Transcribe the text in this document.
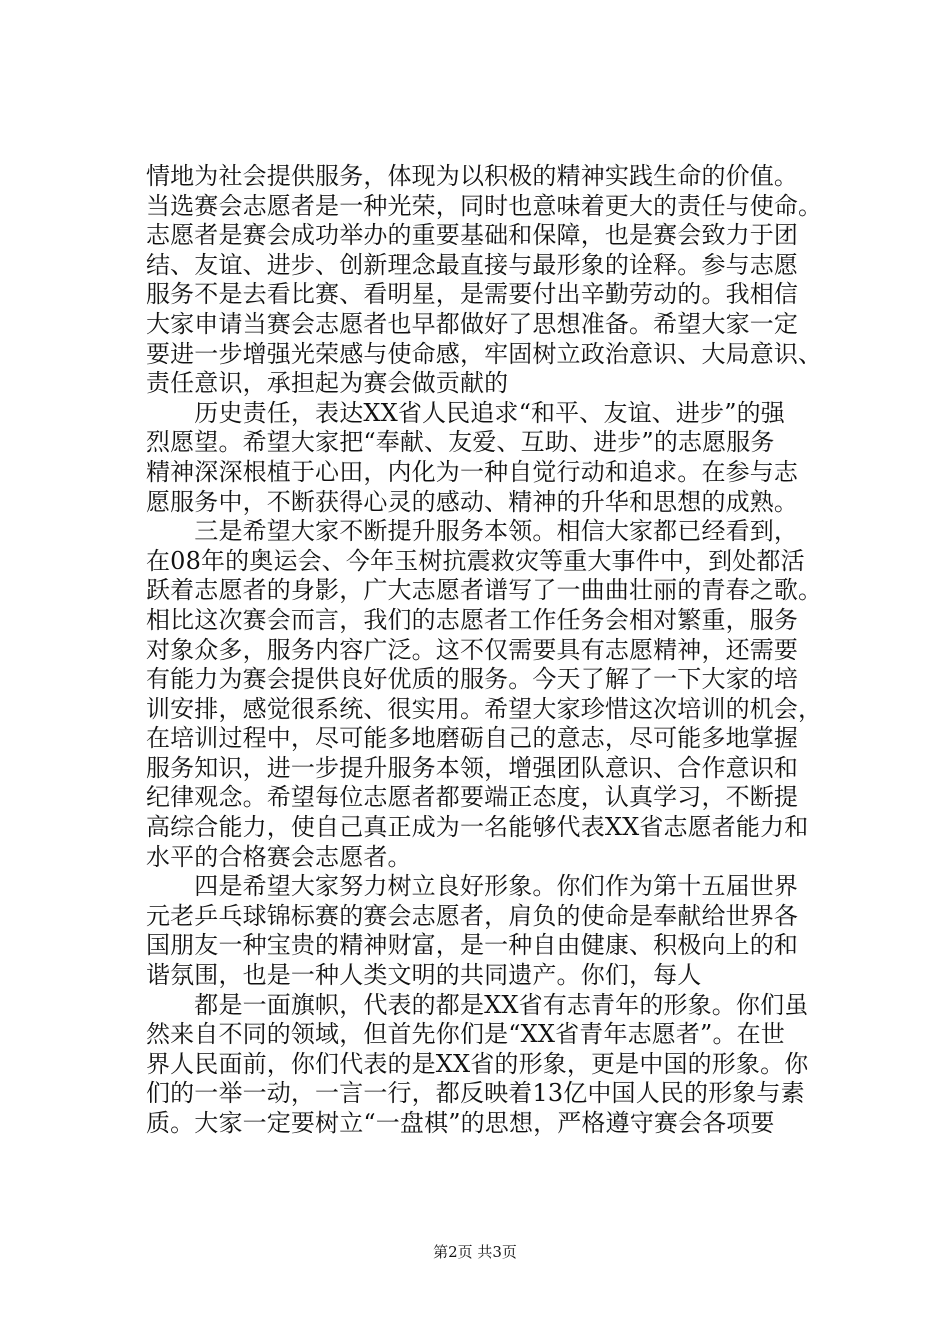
情地为社会提供服务，体现为以积极的精神实践生命的价值。
当选赛会志愿者是一种光荣，同时也意味着更大的责任与使命。
志愿者是赛会成功举办的重要基础和保障，也是赛会致力于团
结、友谊、进步、创新理念最直接与最形象的诠释。参与志愿
服务不是去看比赛、看明星，是需要付出辛勤劳动的。我相信
大家申请当赛会志愿者也早都做好了思想准备。希望大家一定
要进一步增强光荣感与使命感，牢固树立政治意识、大局意识、
责任意识，承担起为赛会做贡献的
　　历史责任，表达XX省人民追求“和平、友谊、进步”的强
烈愿望。希望大家把“奉献、友爱、互助、进步”的志愿服务
精神深深根植于心田，内化为一种自觉行动和追求。在参与志
愿服务中，不断获得心灵的感动、精神的升华和思想的成熟。
　　三是希望大家不断提升服务本领。相信大家都已经看到，
在08年的奥运会、今年玉树抗震救灾等重大事件中，到处都活
跃着志愿者的身影，广大志愿者谱写了一曲曲壮丽的青春之歌。
相比这次赛会而言，我们的志愿者工作任务会相对繁重，服务
对象众多，服务内容广泛。这不仅需要具有志愿精神，还需要
有能力为赛会提供良好优质的服务。今天了解了一下大家的培
训安排，感觉很系统、很实用。希望大家珍惜这次培训的机会，
在培训过程中，尽可能多地磨砺自己的意志，尽可能多地掌握
服务知识，进一步提升服务本领，增强团队意识、合作意识和
纪律观念。希望每位志愿者都要端正态度，认真学习，不断提
高综合能力，使自己真正成为一名能够代表XX省志愿者能力和
水平的合格赛会志愿者。
　　四是希望大家努力树立良好形象。你们作为第十五届世界
元老乒乓球锦标赛的赛会志愿者，肩负的使命是奉献给世界各
国朋友一种宝贵的精神财富，是一种自由健康、积极向上的和
谐氛围，也是一种人类文明的共同遗产。你们，每人
　　都是一面旗帜，代表的都是XX省有志青年的形象。你们虽
然来自不同的领域，但首先你们是“XX省青年志愿者”。在世
界人民面前，你们代表的是XX省的形象，更是中国的形象。你
们的一举一动，一言一行，都反映着13亿中国人民的形象与素
质。大家一定要树立“一盘棋”的思想，严格遵守赛会各项要
第2页 共3页
